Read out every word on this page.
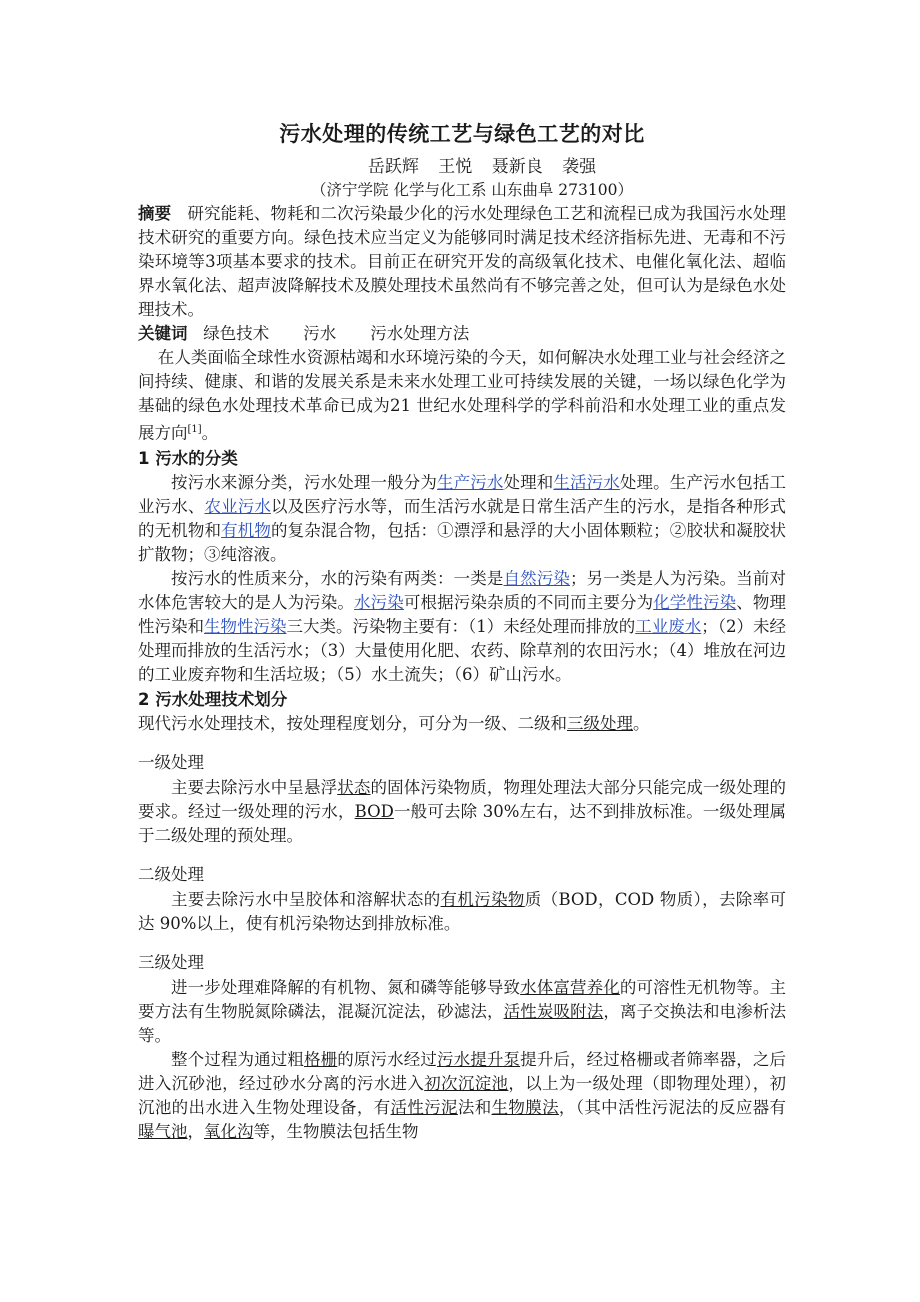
污水处理的传统工艺与绿色工艺的对比
岳跃辉 王悦 聂新良 袭强
（济宁学院 化学与化工系 山东曲阜 273100）
摘要 研究能耗、物耗和二次污染最少化的污水处理绿色工艺和流程已成为我国污水处理技术研究的重要方向。绿色技术应当定义为能够同时满足技术经济指标先进、无毒和不污染环境等3项基本要求的技术。目前正在研究开发的高级氧化技术、电催化氧化法、超临界水氧化法、超声波降解技术及膜处理技术虽然尚有不够完善之处，但可认为是绿色水处理技术。
关键词 绿色技术 污水 污水处理方法
在人类面临全球性水资源枯竭和水环境污染的今天，如何解决水处理工业与社会经济之间持续、健康、和谐的发展关系是未来水处理工业可持续发展的关键，一场以绿色化学为基础的绿色水处理技术革命已成为21 世纪水处理科学的学科前沿和水处理工业的重点发展方向[1]。
1 污水的分类
按污水来源分类，污水处理一般分为生产污水处理和生活污水处理。生产污水包括工业污水、农业污水以及医疗污水等，而生活污水就是日常生活产生的污水，是指各种形式的无机物和有机物的复杂混合物，包括：①漂浮和悬浮的大小固体颗粒；②胶状和凝胶状扩散物；③纯溶液。
按污水的性质来分，水的污染有两类：一类是自然污染；另一类是人为污染。当前对水体危害较大的是人为污染。水污染可根据污染杂质的不同而主要分为化学性污染、物理性污染和生物性污染三大类。污染物主要有：（1）未经处理而排放的工业废水；（2）未经处理而排放的生活污水；（3）大量使用化肥、农药、除草剂的农田污水；（4）堆放在河边的工业废弃物和生活垃圾；（5）水土流失；（6）矿山污水。
2 污水处理技术划分
现代污水处理技术，按处理程度划分，可分为一级、二级和三级处理。
一级处理
主要去除污水中呈悬浮状态的固体污染物质，物理处理法大部分只能完成一级处理的要求。经过一级处理的污水，BOD一般可去除 30%左右，达不到排放标准。一级处理属于二级处理的预处理。
二级处理
主要去除污水中呈胶体和溶解状态的有机污染物质（BOD，COD 物质），去除率可达 90%以上，使有机污染物达到排放标准。
三级处理
进一步处理难降解的有机物、氮和磷等能够导致水体富营养化的可溶性无机物等。主要方法有生物脱氮除磷法，混凝沉淀法，砂滤法，活性炭吸附法，离子交换法和电渗析法等。
整个过程为通过粗格栅的原污水经过污水提升泵提升后，经过格栅或者筛率器，之后进入沉砂池，经过砂水分离的污水进入初次沉淀池，以上为一级处理（即物理处理），初沉池的出水进入生物处理设备，有活性污泥法和生物膜法，（其中活性污泥法的反应器有曝气池，氧化沟等，生物膜法包括生物
